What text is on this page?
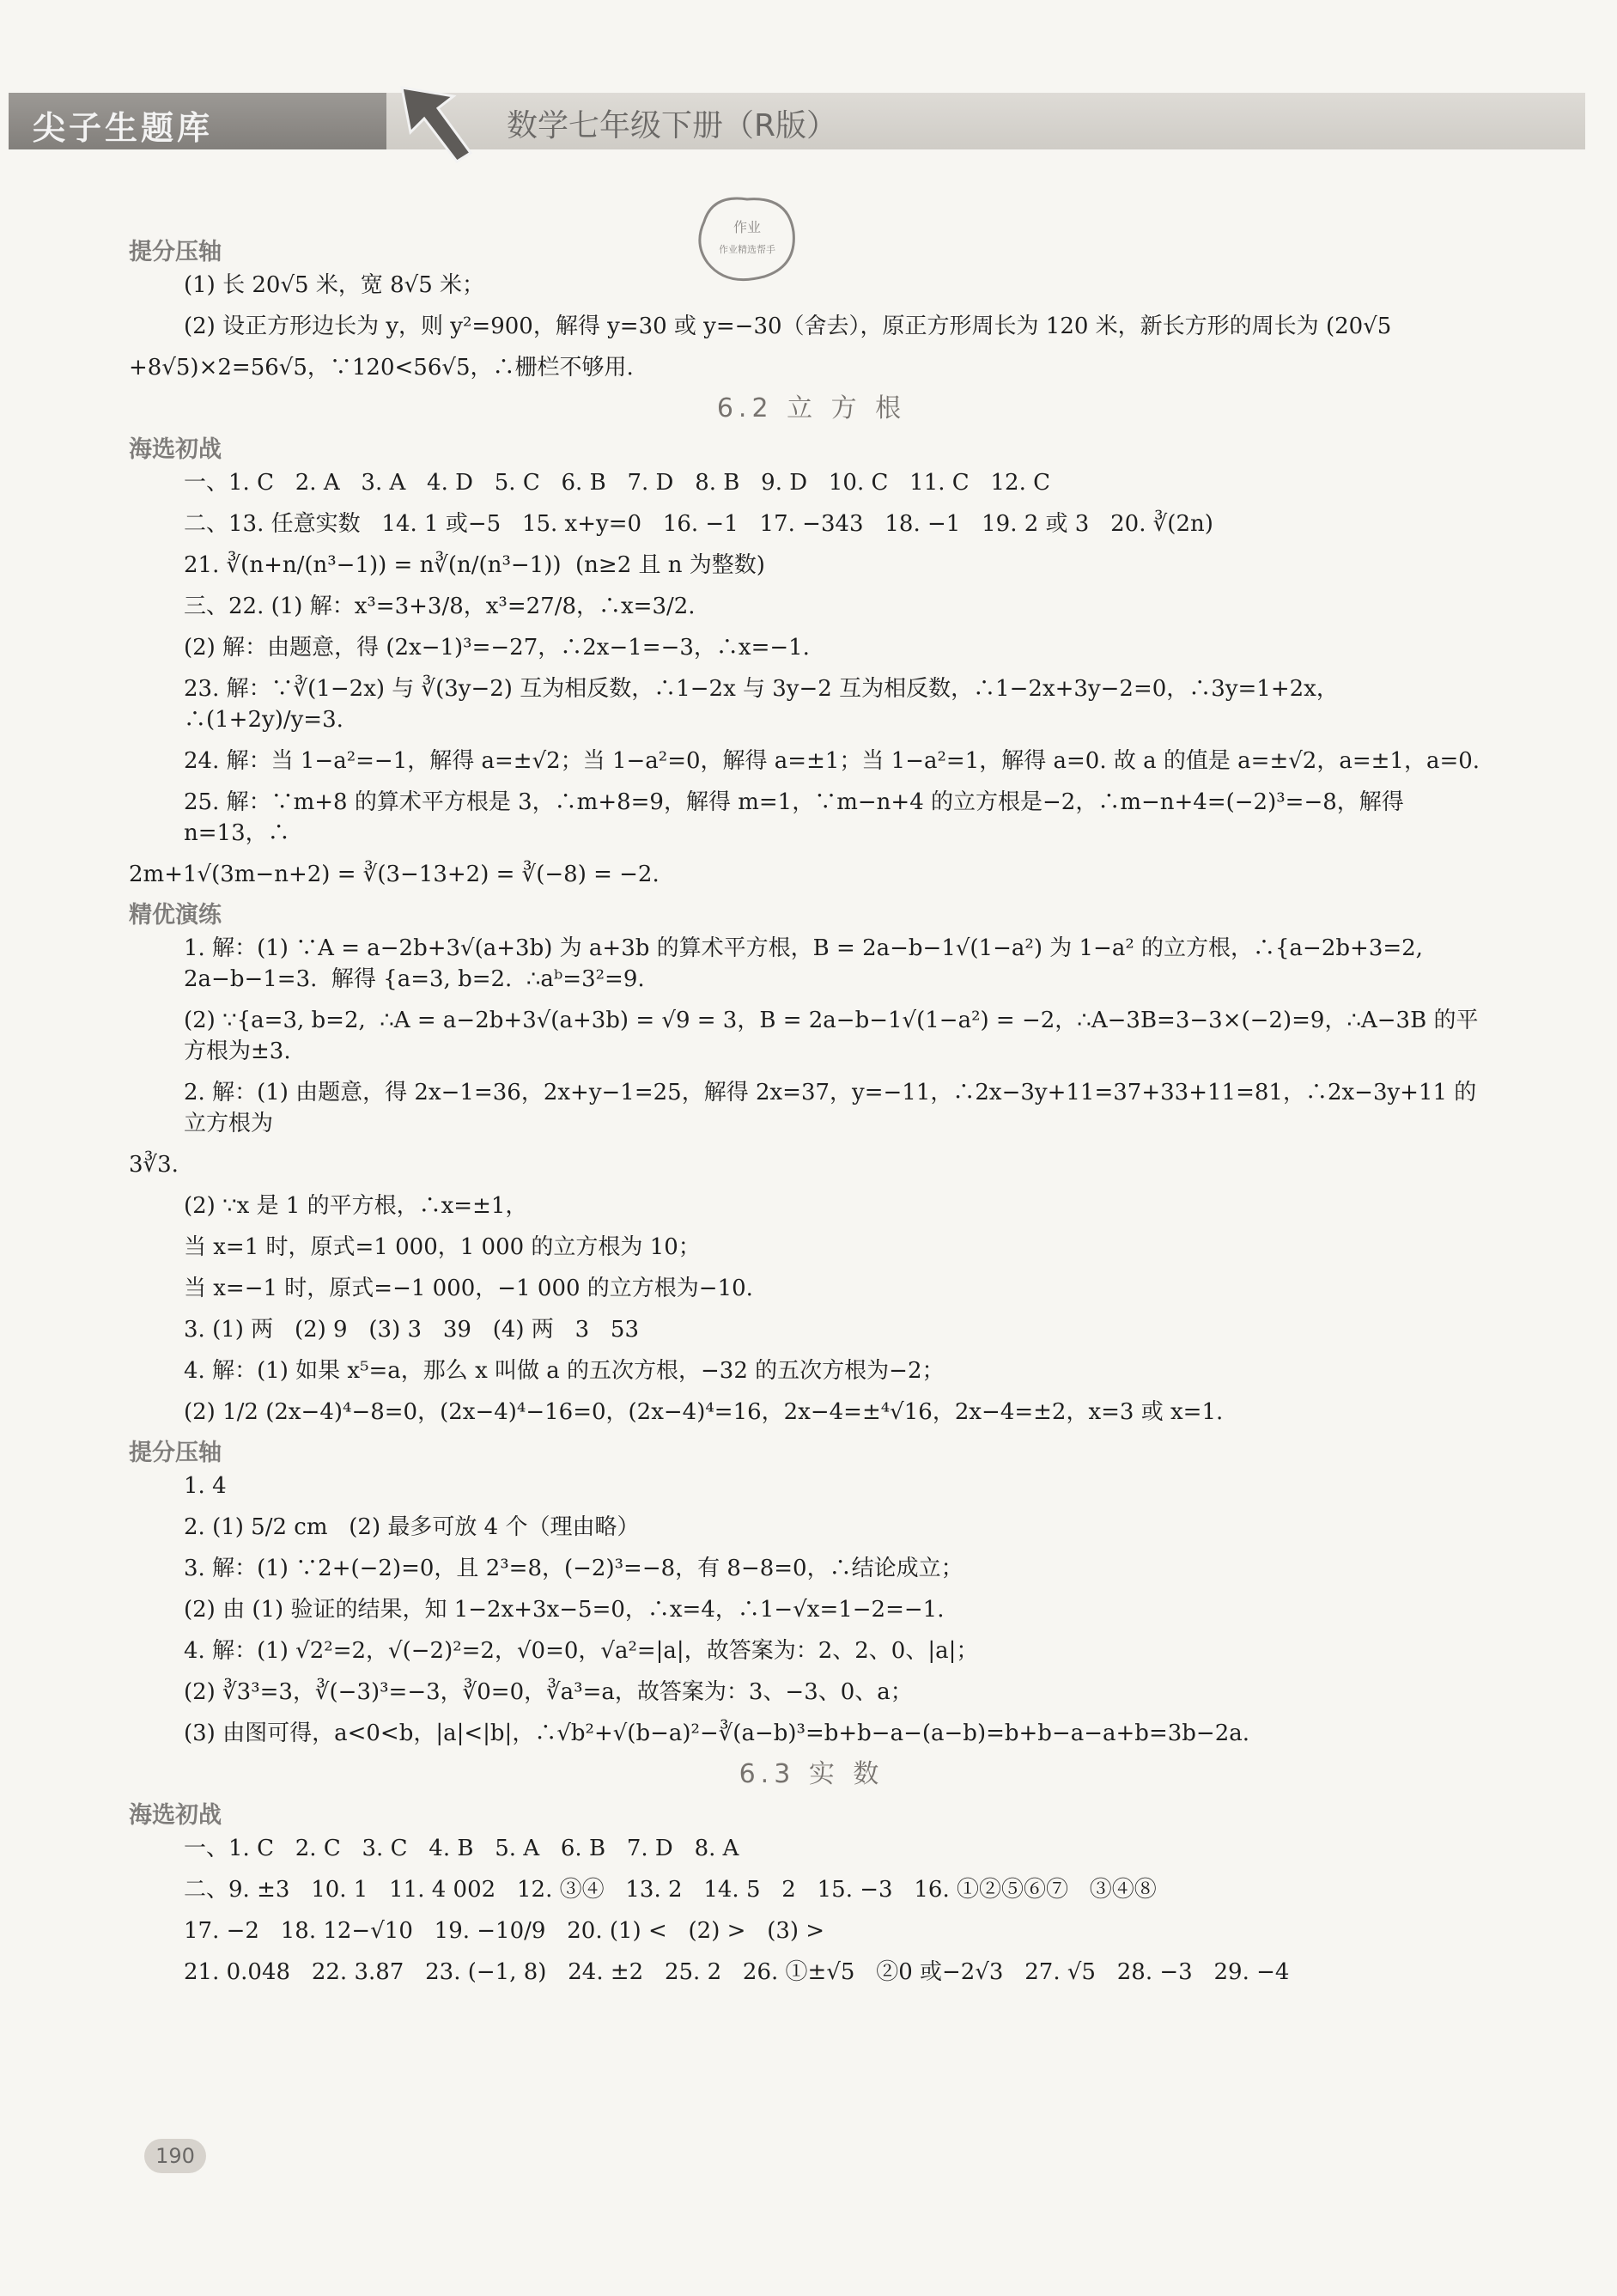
尖子生题库	数学七年级下册（R版）
作业
作业精选帮手
提分压轴
(1) 长 20√5 米，宽 8√5 米；
(2) 设正方形边长为 y，则 y²=900，解得 y=30 或 y=−30（舍去），原正方形周长为 120 米，新长方形的周长为 (20√5
+8√5)×2=56√5，∵120<56√5，∴栅栏不够用.
6.2 立 方 根
海选初战
一、1. C   2. A   3. A   4. D   5. C   6. B   7. D   8. B   9. D   10. C   11. C   12. C
二、13. 任意实数   14. 1 或−5   15. x+y=0   16. −1   17. −343   18. −1   19. 2 或 3   20. ∛(2n)
21. ∛(n+n/(n³−1)) = n∛(n/(n³−1))  (n≥2 且 n 为整数)
三、22. (1) 解：x³=3+3/8，x³=27/8，∴x=3/2.
(2) 解：由题意，得 (2x−1)³=−27，∴2x−1=−3，∴x=−1.
23. 解：∵∛(1−2x) 与 ∛(3y−2) 互为相反数，∴1−2x 与 3y−2 互为相反数，∴1−2x+3y−2=0，∴3y=1+2x，∴(1+2y)/y=3.
24. 解：当 1−a²=−1，解得 a=±√2；当 1−a²=0，解得 a=±1；当 1−a²=1，解得 a=0. 故 a 的值是 a=±√2，a=±1，a=0.
25. 解：∵m+8 的算术平方根是 3，∴m+8=9，解得 m=1，∵m−n+4 的立方根是−2，∴m−n+4=(−2)³=−8，解得 n=13，∴
2m+1√(3m−n+2) = ∛(3−13+2) = ∛(−8) = −2.
精优演练
1. 解：(1) ∵A = a−2b+3√(a+3b) 为 a+3b 的算术平方根，B = 2a−b−1√(1−a²) 为 1−a² 的立方根，∴{a−2b+3=2, 2a−b−1=3.  解得 {a=3, b=2.  ∴aᵇ=3²=9.
(2) ∵{a=3, b=2,  ∴A = a−2b+3√(a+3b) = √9 = 3，B = 2a−b−1√(1−a²) = −2，∴A−3B=3−3×(−2)=9，∴A−3B 的平方根为±3.
2. 解：(1) 由题意，得 2x−1=36，2x+y−1=25，解得 2x=37，y=−11，∴2x−3y+11=37+33+11=81，∴2x−3y+11 的立方根为
3∛3.
(2) ∵x 是 1 的平方根，∴x=±1，
当 x=1 时，原式=1 000，1 000 的立方根为 10；
当 x=−1 时，原式=−1 000，−1 000 的立方根为−10.
3. (1) 两   (2) 9   (3) 3   39   (4) 两   3   53
4. 解：(1) 如果 x⁵=a，那么 x 叫做 a 的五次方根，−32 的五次方根为−2；
(2) 1/2 (2x−4)⁴−8=0，(2x−4)⁴−16=0，(2x−4)⁴=16，2x−4=±⁴√16，2x−4=±2，x=3 或 x=1.
提分压轴
1. 4
2. (1) 5/2 cm   (2) 最多可放 4 个（理由略）
3. 解：(1) ∵2+(−2)=0，且 2³=8，(−2)³=−8，有 8−8=0，∴结论成立；
(2) 由 (1) 验证的结果，知 1−2x+3x−5=0，∴x=4，∴1−√x=1−2=−1.
4. 解：(1) √2²=2，√(−2)²=2，√0=0，√a²=|a|，故答案为：2、2、0、|a|；
(2) ∛3³=3，∛(−3)³=−3，∛0=0，∛a³=a，故答案为：3、−3、0、a；
(3) 由图可得，a<0<b，|a|<|b|，∴√b²+√(b−a)²−∛(a−b)³=b+b−a−(a−b)=b+b−a−a+b=3b−2a.
6.3 实 数
海选初战
一、1. C   2. C   3. C   4. B   5. A   6. B   7. D   8. A
二、9. ±3   10. 1   11. 4 002   12. ③④   13. 2   14. 5   2   15. −3   16. ①②⑤⑥⑦   ③④⑧
17. −2   18. 12−√10   19. −10/9   20. (1) <   (2) >   (3) >
21. 0.048   22. 3.87   23. (−1, 8)   24. ±2   25. 2   26. ①±√5   ②0 或−2√3   27. √5   28. −3   29. −4
190
